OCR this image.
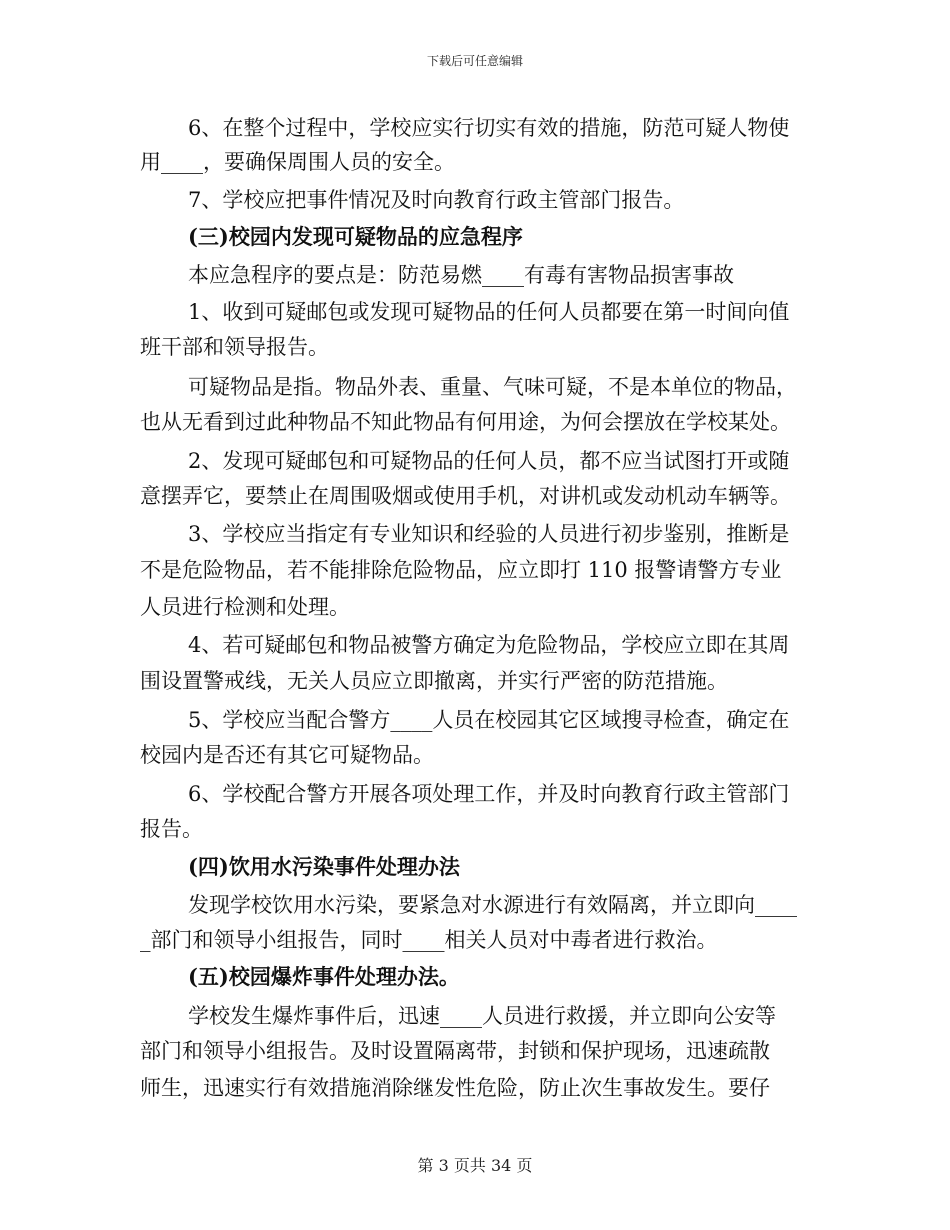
下载后可任意编辑
6、在整个过程中，学校应实行切实有效的措施，防范可疑人物使
用____，要确保周围人员的安全。
7、学校应把事件情况及时向教育行政主管部门报告。
(三)校园内发现可疑物品的应急程序
本应急程序的要点是：防范易燃____有毒有害物品损害事故
1、收到可疑邮包或发现可疑物品的任何人员都要在第一时间向值
班干部和领导报告。
可疑物品是指。物品外表、重量、气味可疑，不是本单位的物品，
也从无看到过此种物品不知此物品有何用途，为何会摆放在学校某处。
2、发现可疑邮包和可疑物品的任何人员，都不应当试图打开或随
意摆弄它，要禁止在周围吸烟或使用手机，对讲机或发动机动车辆等。
3、学校应当指定有专业知识和经验的人员进行初步鉴别，推断是
不是危险物品，若不能排除危险物品，应立即打 110 报警请警方专业
人员进行检测和处理。
4、若可疑邮包和物品被警方确定为危险物品，学校应立即在其周
围设置警戒线，无关人员应立即撤离，并实行严密的防范措施。
5、学校应当配合警方____人员在校园其它区域搜寻检查，确定在
校园内是否还有其它可疑物品。
6、学校配合警方开展各项处理工作，并及时向教育行政主管部门
报告。
(四)饮用水污染事件处理办法
发现学校饮用水污染，要紧急对水源进行有效隔离，并立即向____
_部门和领导小组报告，同时____相关人员对中毒者进行救治。
(五)校园爆炸事件处理办法。
学校发生爆炸事件后，迅速____人员进行救援，并立即向公安等
部门和领导小组报告。及时设置隔离带，封锁和保护现场，迅速疏散
师生，迅速实行有效措施消除继发性危险，防止次生事故发生。要仔
第 3 页共 34 页
